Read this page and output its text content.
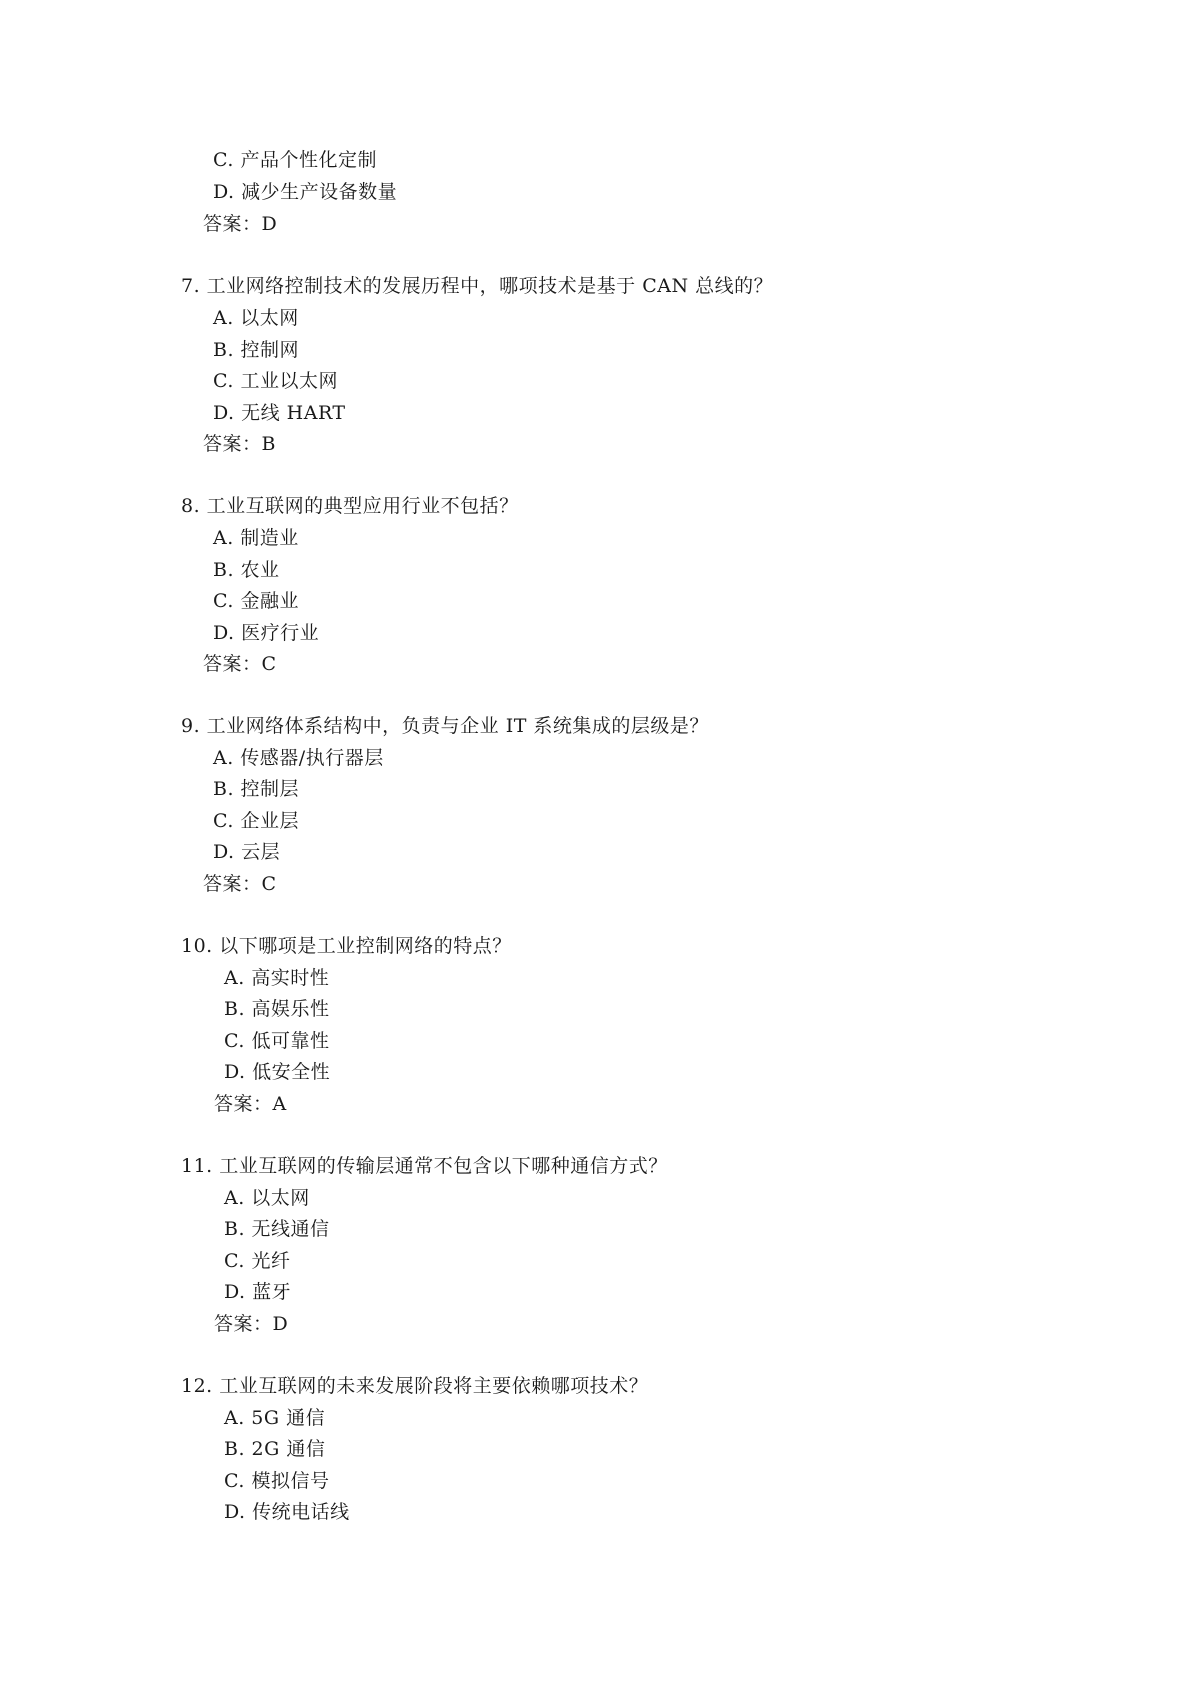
C. 产品个性化定制
D. 减少生产设备数量
答案：D
7. 工业网络控制技术的发展历程中，哪项技术是基于 CAN 总线的？
A. 以太网
B. 控制网
C. 工业以太网
D. 无线 HART
答案：B
8. 工业互联网的典型应用行业不包括？
A. 制造业
B. 农业
C. 金融业
D. 医疗行业
答案：C
9. 工业网络体系结构中，负责与企业 IT 系统集成的层级是？
A. 传感器/执行器层
B. 控制层
C. 企业层
D. 云层
答案：C
10. 以下哪项是工业控制网络的特点？
A. 高实时性
B. 高娱乐性
C. 低可靠性
D. 低安全性
答案：A
11. 工业互联网的传输层通常不包含以下哪种通信方式？
A. 以太网
B. 无线通信
C. 光纤
D. 蓝牙
答案：D
12. 工业互联网的未来发展阶段将主要依赖哪项技术？
A. 5G 通信
B. 2G 通信
C. 模拟信号
D. 传统电话线
